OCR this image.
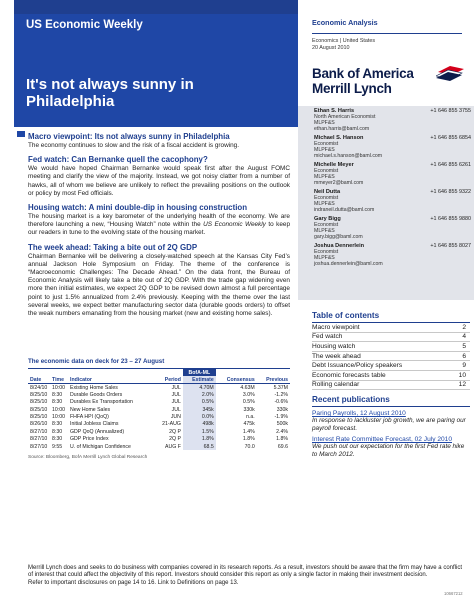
US Economic Weekly
It's not always sunny in Philadelphia
Economic Analysis
Economics | United States
20 August 2010
Bank of America
Merrill Lynch
Ethan S. Harris	+1 646 855 3755
North American Economist
MLPF&S
ethan.harris@baml.com
Michael S. Hanson	+1 646 855 6854
Economist
MLPF&S
michael.s.hanson@baml.com
Michelle Meyer	+1 646 855 6261
Economist
MLPF&S
mmeyer2@baml.com
Neil Dutta	+1 646 855 9322
Economist
MLPF&S
indraneil.dutta@baml.com
Gary Bigg	+1 646 855 9880
Economist
MLPF&S
gary.bigg@baml.com
Joshua Dennerlein	+1 646 855 8027
Economist
MLPF&S
joshua.dennerlein@baml.com
Macro viewpoint: Its not always sunny in Philadelphia
The economy continues to slow and the risk of a fiscal accident is growing.
Fed watch: Can Bernanke quell the cacophony?
We would have hoped Chairman Bernanke would speak first after the August FOMC meeting and clarify the view of the majority. Instead, we got noisy clatter from a number of hawks, all of whom we believe are unlikely to reflect the prevailing positions on the outlook or policy by most Fed officials.
Housing watch: A mini double-dip in housing construction
The housing market is a key barometer of the underlying health of the economy. We are therefore launching a new, “Housing Watch” note within the US Economic Weekly to keep our readers in tune to the evolving state of the housing market.
The week ahead: Taking a bite out of 2Q GDP
Chairman Bernanke will be delivering a closely-watched speech at the Kansas City Fed’s annual Jackson Hole Symposium on Friday. The theme of the conference is “Macroeconomic Challenges: The Decade Ahead.” On the data front, the Bureau of Economic Analysis will likely take a bite out of 2Q GDP. With the trade gap widening even more then initial estimates, we expect 2Q GDP to be revised down almost a full percentage point to just 1.5% annualized from 2.4% previously. Keeping with the theme over the last several weeks, we expect better manufacturing sector data (durable goods orders) to offset the weak numbers emanating from the housing market (new and existing home sales).
The economic data on deck for 23 – 27 August
				BofA-ML		
Date	Time	Indicator	Period	Estimate	Consensus	Previous
8/24/10	10:00	Existing Home Sales	JUL	4.70M	4.63M	5.37M
8/25/10	8:30	Durable Goods Orders	JUL	2.0%	3.0%	-1.2%
8/25/10	8:30	Durables Ex Transportation	JUL	0.5%	0.5%	-0.6%
8/25/10	10:00	New Home Sales	JUL	345k	330k	330k
8/25/10	10:00	FHFA HPI (QoQ)	JUN	0.0%	n.a.	-1.9%
8/26/10	8:30	Initial Jobless Claims	21-AUG	498k	475k	500k
8/27/10	8:30	GDP QoQ (Annualized)	2Q P	1.5%	1.4%	2.4%
8/27/10	8:30	GDP Price Index	2Q P	1.8%	1.8%	1.8%
8/27/10	9:55	U. of Michigan Confidence	AUG F	68.5	70.0	69.6
Source: Bloomberg, BofA Merrill Lynch Global Research
Table of contents
Macro viewpoint	2
Fed watch	4
Housing watch	5
The week ahead	6
Debt Issuance/Policy speakers	9
Economic forecasts table	10
Rolling calendar	12
Recent publications
Paring Payrolls, 12 August 2010
In response to lackluster job growth, we are paring our payroll forecast.
Interest Rate Committee Forecast, 02 July 2010
We push out our expectation for the first Fed rate hike to March 2012.
Merrill Lynch does and seeks to do business with companies covered in its research reports. As a result, investors should be aware that the firm may have a conflict of interest that could affect the objectivity of this report. Investors should consider this report as only a single factor in making their investment decision.
Refer to important disclosures on page 14 to 16. Link to Definitions on page 13.
10667212
